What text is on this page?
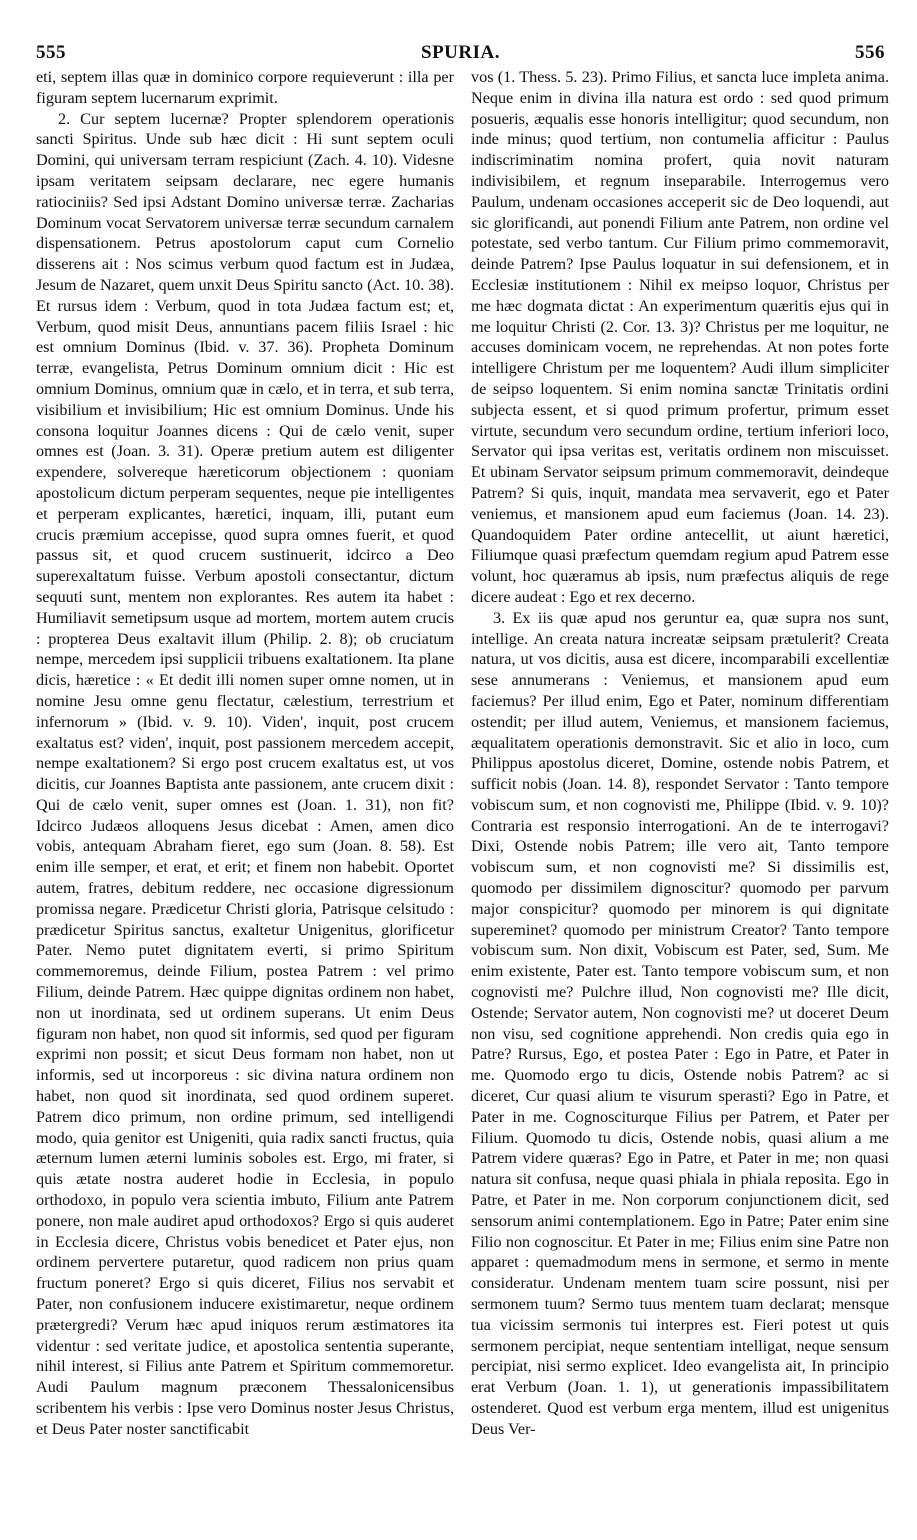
555	SPURIA.	556

eti, septem illas quæ in dominico corpore requieverunt : illa per figuram septem lucernarum exprimit.

2. Cur septem lucernæ? Propter splendorem operationis sancti Spiritus. Unde sub hæc dicit : Hi sunt septem oculi Domini, qui universam terram respiciunt (Zach. 4. 10). Videsne ipsam veritatem seipsam declarare, nec egere humanis ratiociniis? Sed ipsi Adstant Domino universæ terræ. Zacharias Dominum vocat Servatorem universæ terræ secundum carnalem dispensationem. Petrus apostolorum caput cum Cornelio disserens ait : Nos scimus verbum quod factum est in Judæa, Jesum de Nazaret, quem unxit Deus Spiritu sancto (Act. 10. 38). Et rursus idem : Verbum, quod in tota Judæa factum est; et, Verbum, quod misit Deus, annuntians pacem filiis Israel : hic est omnium Dominus (Ibid. v. 37. 36). Propheta Dominum terræ, evangelista, Petrus Dominum omnium dicit : Hic est omnium Dominus, omnium quæ in cælo, et in terra, et sub terra, visibilium et invisibilium; Hic est omnium Dominus. Unde his consona loquitur Joannes dicens : Qui de cælo venit, super omnes est (Joan. 3. 31). Operæ pretium autem est diligenter expendere, solvereque hæreticorum objectionem : quoniam apostolicum dictum perperam sequentes, neque pie intelligentes et perperam explicantes, hæretici, inquam, illi, putant eum crucis præmium accepisse, quod supra omnes fuerit, et quod passus sit, et quod crucem sustinuerit, idcirco a Deo superexaltatum fuisse. Verbum apostoli consectantur, dictum sequuti sunt, mentem non explorantes. Res autem ita habet : Humiliavit semetipsum usque ad mortem, mortem autem crucis : propterea Deus exaltavit illum (Philip. 2. 8); ob cruciatum nempe, mercedem ipsi supplicii tribuens exaltationem. Ita plane dicis, hæretice : « Et dedit illi nomen super omne nomen, ut in nomine Jesu omne genu flectatur, cælestium, terrestrium et infernorum » (Ibid. v. 9. 10). Viden', inquit, post crucem exaltatus est? viden', inquit, post passionem mercedem accepit, nempe exaltationem? Si ergo post crucem exaltatus est, ut vos dicitis, cur Joannes Baptista ante passionem, ante crucem dixit : Qui de cælo venit, super omnes est (Joan. 1. 31), non fit? Idcirco Judæos alloquens Jesus dicebat : Amen, amen dico vobis, antequam Abraham fieret, ego sum (Joan. 8. 58). Est enim ille semper, et erat, et erit; et finem non habebit. Oportet autem, fratres, debitum reddere, nec occasione digressionum promissa negare. Prædicetur Christi gloria, Patrisque celsitudo : prædicetur Spiritus sanctus, exaltetur Unigenitus, glorificetur Pater. Nemo putet dignitatem everti, si primo Spiritum commemoremus, deinde Filium, postea Patrem : vel primo Filium, deinde Patrem. Hæc quippe dignitas ordinem non habet, non ut inordinata, sed ut ordinem superans. Ut enim Deus figuram non habet, non quod sit informis, sed quod per figuram exprimi non possit; et sicut Deus formam non habet, non ut informis, sed ut incorporeus : sic divina natura ordinem non habet, non quod sit inordinata, sed quod ordinem superet. Patrem dico primum, non ordine primum, sed intelligendi modo, quia genitor est Unigeniti, quia radix sancti fructus, quia æternum lumen æterni luminis soboles est. Ergo, mi frater, si quis ætate nostra auderet hodie in Ecclesia, in populo orthodoxo, in populo vera scientia imbuto, Filium ante Patrem ponere, non male audiret apud orthodoxos? Ergo si quis auderet in Ecclesia dicere, Christus vobis benedicet et Pater ejus, non ordinem pervertere putaretur, quod radicem non prius quam fructum poneret? Ergo si quis diceret, Filius nos servabit et Pater, non confusionem inducere existimaretur, neque ordinem prætergredi? Verum hæc apud iniquos rerum æstimatores ita videntur : sed veritate judice, et apostolica sententia superante, nihil interest, si Filius ante Patrem et Spiritum commemoretur. Audi Paulum magnum præconem Thessalonicensibus scribentem his verbis : Ipse vero Dominus noster Jesus Christus, et Deus Pater noster sanctificabit

vos (1. Thess. 5. 23). Primo Filius, et sancta luce impleta anima. Neque enim in divina illa natura est ordo : sed quod primum posueris, æqualis esse honoris intelligitur; quod secundum, non inde minus; quod tertium, non contumelia afficitur : Paulus indiscriminatim nomina profert, quia novit naturam indivisibilem, et regnum inseparabile. Interrogemus vero Paulum, undenam occasiones acceperit sic de Deo loquendi, aut sic glorificandi, aut ponendi Filium ante Patrem, non ordine vel potestate, sed verbo tantum. Cur Filium primo commemoravit, deinde Patrem? Ipse Paulus loquatur in sui defensionem, et in Ecclesiæ institutionem : Nihil ex meipso loquor, Christus per me hæc dogmata dictat : An experimentum quæritis ejus qui in me loquitur Christi (2. Cor. 13. 3)? Christus per me loquitur, ne accuses dominicam vocem, ne reprehendas. At non potes forte intelligere Christum per me loquentem? Audi illum simpliciter de seipso loquentem. Si enim nomina sanctæ Trinitatis ordini subjecta essent, et si quod primum profertur, primum esset virtute, secundum vero secundum ordine, tertium inferiori loco, Servator qui ipsa veritas est, veritatis ordinem non miscuisset. Et ubinam Servator seipsum primum commemoravit, deindeque Patrem? Si quis, inquit, mandata mea servaverit, ego et Pater veniemus, et mansionem apud eum faciemus (Joan. 14. 23). Quandoquidem Pater ordine antecellit, ut aiunt hæretici, Filiumque quasi præfectum quemdam regium apud Patrem esse volunt, hoc quæramus ab ipsis, num præfectus aliquis de rege dicere audeat : Ego et rex decerno.

3. Ex iis quæ apud nos geruntur ea, quæ supra nos sunt, intellige. An creata natura increatæ seipsam prætulerit? Creata natura, ut vos dicitis, ausa est dicere, incomparabili excellentiæ sese annumerans : Veniemus, et mansionem apud eum faciemus? Per illud enim, Ego et Pater, nominum differentiam ostendit; per illud autem, Veniemus, et mansionem faciemus, æqualitatem operationis demonstravit. Sic et alio in loco, cum Philippus apostolus diceret, Domine, ostende nobis Patrem, et sufficit nobis (Joan. 14. 8), respondet Servator : Tanto tempore vobiscum sum, et non cognovisti me, Philippe (Ibid. v. 9. 10)? Contraria est responsio interrogationi. An de te interrogavi? Dixi, Ostende nobis Patrem; ille vero ait, Tanto tempore vobiscum sum, et non cognovisti me? Si dissimilis est, quomodo per dissimilem dignoscitur? quomodo per parvum major conspicitur? quomodo per minorem is qui dignitate supereminet? quomodo per ministrum Creator? Tanto tempore vobiscum sum. Non dixit, Vobiscum est Pater, sed, Sum. Me enim existente, Pater est. Tanto tempore vobiscum sum, et non cognovisti me? Pulchre illud, Non cognovisti me? Ille dicit, Ostende; Servator autem, Non cognovisti me? ut doceret Deum non visu, sed cognitione apprehendi. Non credis quia ego in Patre? Rursus, Ego, et postea Pater : Ego in Patre, et Pater in me. Quomodo ergo tu dicis, Ostende nobis Patrem? ac si diceret, Cur quasi alium te visurum sperasti? Ego in Patre, et Pater in me. Cognosciturque Filius per Patrem, et Pater per Filium. Quomodo tu dicis, Ostende nobis, quasi alium a me Patrem videre quæras? Ego in Patre, et Pater in me; non quasi natura sit confusa, neque quasi phiala in phiala reposita. Ego in Patre, et Pater in me. Non corporum conjunctionem dicit, sed sensorum animi contemplationem. Ego in Patre; Pater enim sine Filio non cognoscitur. Et Pater in me; Filius enim sine Patre non apparet : quemadmodum mens in sermone, et sermo in mente consideratur. Undenam mentem tuam scire possunt, nisi per sermonem tuum? Sermo tuus mentem tuam declarat; mensque tua vicissim sermonis tui interpres est. Fieri potest ut quis sermonem percipiat, neque sententiam intelligat, neque sensum percipiat, nisi sermo explicet. Ideo evangelista ait, In principio erat Verbum (Joan. 1. 1), ut generationis impassibilitatem ostenderet. Quod est verbum erga mentem, illud est unigenitus Deus Ver-
